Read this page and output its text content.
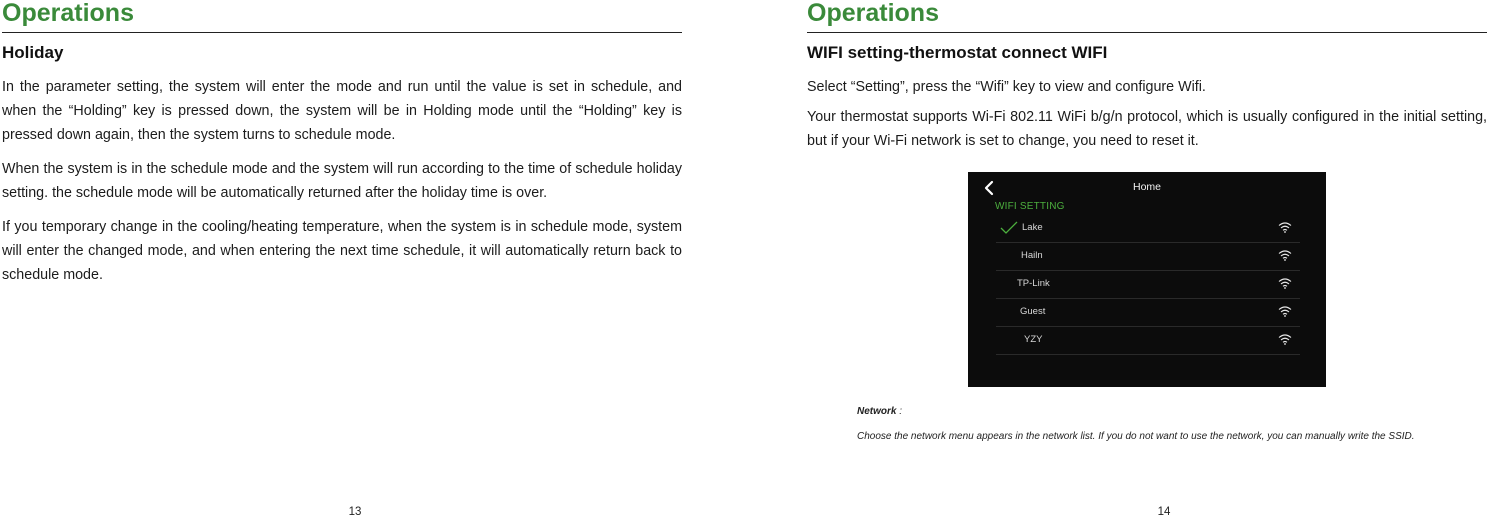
Operations
Holiday

In the parameter setting, the system will enter the mode and run until the value is set in schedule, and when the “Holding” key is pressed down, the system will be in Holding mode until the “Holding” key is pressed down again, then the system turns to schedule mode.

When the system is in the schedule mode and the system will run according to the time of schedule holiday setting. the schedule mode will be automatically returned after the holiday time is over.

If you temporary change in the cooling/heating temperature, when the system is in schedule mode, system will enter the changed mode, and when entering the next time schedule, it will automatically return back to schedule mode.

13
Operations
WIFI setting-thermostat connect WIFI

Select “Setting”, press the “Wifi” key to view and configure Wifi.

Your thermostat supports Wi-Fi 802.11 WiFi b/g/n protocol, which is usually configured in the initial setting, but if your Wi-Fi network is set to change, you need to reset it.

Home
WIFI SETTING
Lake
Hailn
TP-Link
Guest
YZY
Network :
Choose the network menu appears in the network list. If you do not want to use the network, you can manually write the SSID.
14
